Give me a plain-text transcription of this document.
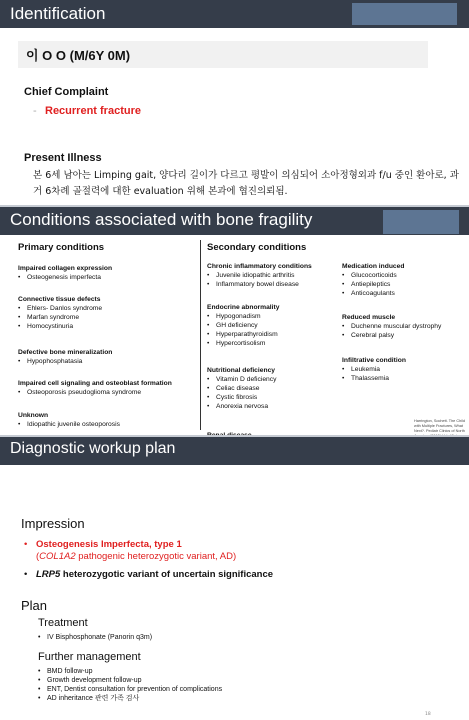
Identification
이 O O (M/6Y 0M)
Chief Complaint
- Recurrent fracture
Present Illness
본 6세 남아는 Limping gait, 양다리 길이가 다르고 평발이 의심되어 소아정형외과 f/u 중인 환아로, 과거 6차례 골절력에 대한 evaluation 위해 본과에 협진의뢰됨.
Conditions associated with bone fragility
Primary conditions	Secondary conditions
Impaired collagen expression
• Osteogenesis imperfecta
Connective tissue defects
• Ehlers- Danlos syndrome
• Marfan syndrome
• Homocystinuria
Defective bone mineralization
• Hypophosphatasia
Impaired cell signaling and osteoblast formation
• Osteoporosis pseudoglioma syndrome
Unknown
• Idiopathic juvenile osteoporosis
Chronic inflammatory conditions
• Juvenile idiopathic arthritis
• Inflammatory bowel disease
Endocrine abnormality
• Hypogonadism
• GH deficiency
• Hyperparathyroidism
• Hypercortisolism
Nutritional deficiency
• Vitamin D deficiency
• Celiac disease
• Cystic fibrosis
• Anorexia nervosa
•
Medication induced
• Glucocorticoids
• Antiepileptics
• Anticoagulants
Reduced muscle
• Duchenne muscular dystrophy
• Cerebral palsy
Infiltrative condition
• Leukemia
• Thalassemia
Harrington, Sochett. The Child with Multiple Fractures, What Next?. Pediatr Clinics of North
Diagnostic workup plan
Impression
• Osteogenesis Imperfecta, type 1
(COL1A2 pathogenic heterozygotic variant, AD)
• LRP5 heterozygotic variant of uncertain significance
Plan
Treatment
• IV Bisphosphonate (Panorin q3m)
Further management
• BMD follow-up
• Growth development follow-up
• ENT, Dentist consultation for prevention of complications
• AD inheritance 관련 가족 검사
18
